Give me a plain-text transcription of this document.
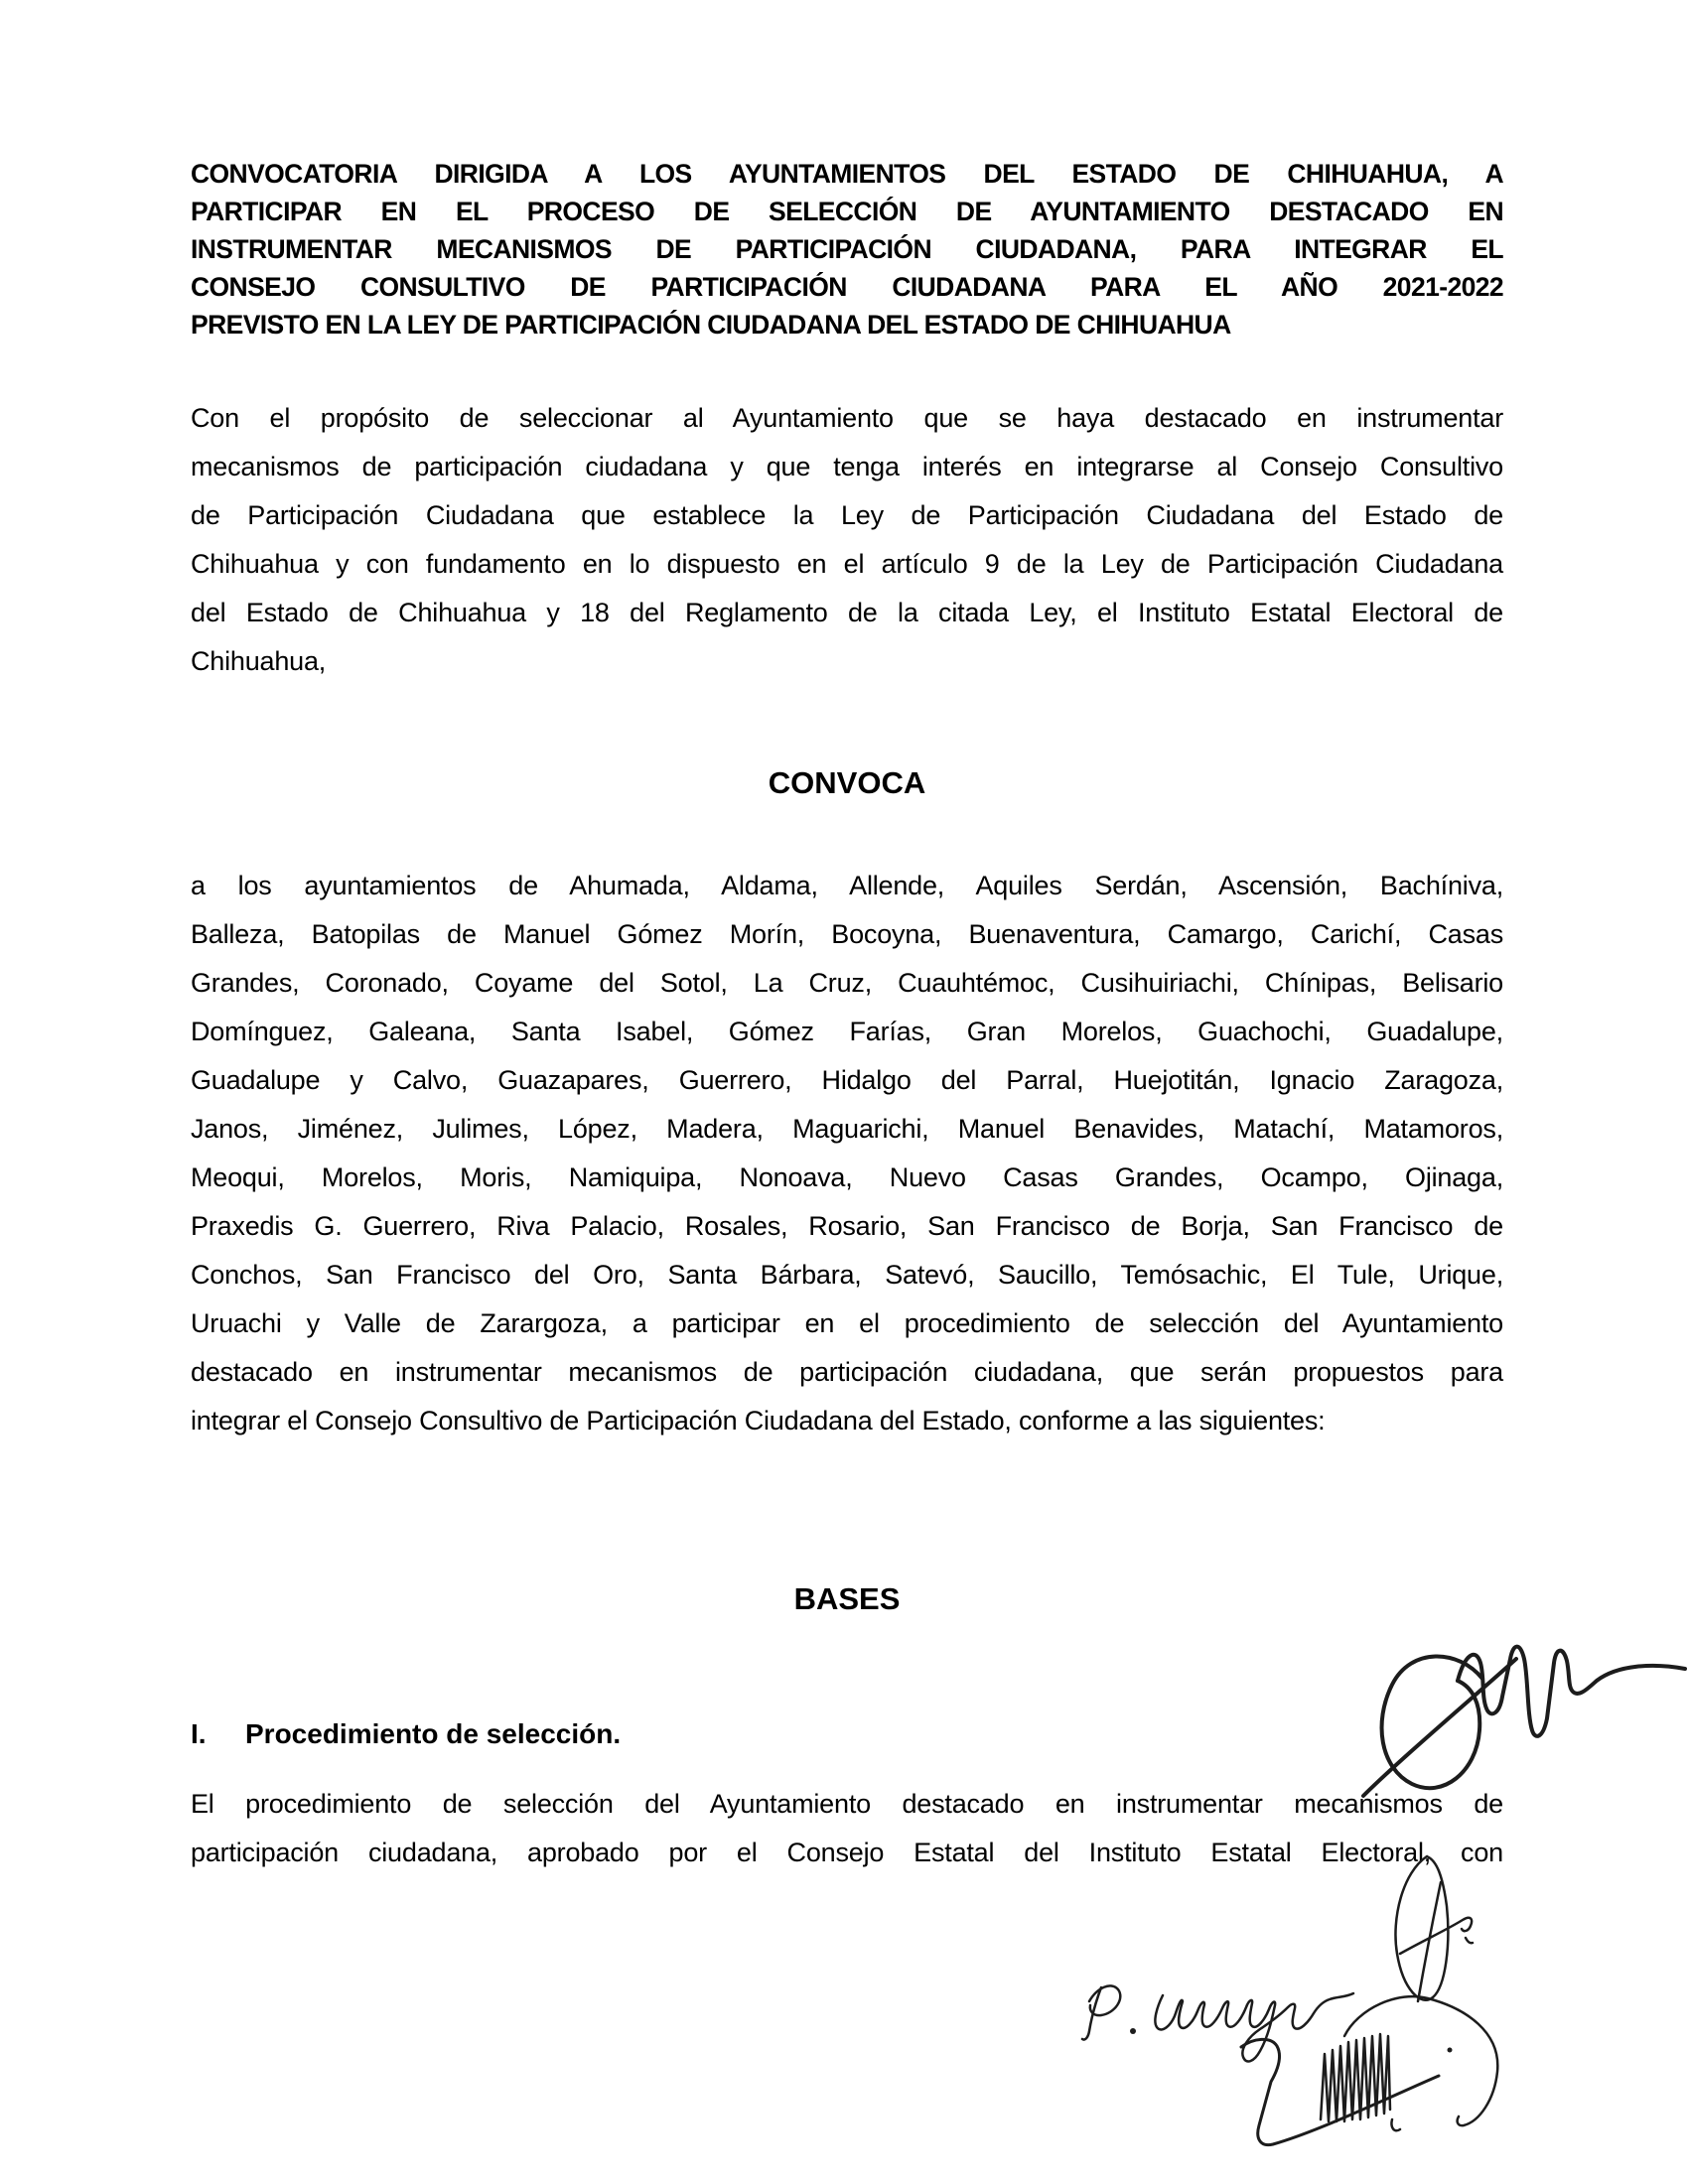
CONVOCATORIA DIRIGIDA A LOS AYUNTAMIENTOS DEL ESTADO DE CHIHUAHUA, A
PARTICIPAR EN EL PROCESO DE SELECCIÓN DE AYUNTAMIENTO DESTACADO EN
INSTRUMENTAR MECANISMOS DE PARTICIPACIÓN CIUDADANA, PARA INTEGRAR EL
CONSEJO CONSULTIVO DE PARTICIPACIÓN CIUDADANA PARA EL AÑO 2021-2022
PREVISTO EN LA LEY DE PARTICIPACIÓN CIUDADANA DEL ESTADO DE CHIHUAHUA
Con el propósito de seleccionar al Ayuntamiento que se haya destacado en instrumentar
mecanismos de participación ciudadana y que tenga interés en integrarse al Consejo Consultivo
de Participación Ciudadana que establece la Ley de Participación Ciudadana del Estado de
Chihuahua y con fundamento en lo dispuesto en el artículo 9 de la Ley de Participación Ciudadana
del Estado de Chihuahua y 18 del Reglamento de la citada Ley, el Instituto Estatal Electoral de
Chihuahua,
CONVOCA
a los ayuntamientos de Ahumada, Aldama, Allende, Aquiles Serdán, Ascensión, Bachíniva,
Balleza, Batopilas de Manuel Gómez Morín, Bocoyna, Buenaventura, Camargo, Carichí, Casas
Grandes, Coronado, Coyame del Sotol, La Cruz, Cuauhtémoc, Cusihuiriachi, Chínipas, Belisario
Domínguez, Galeana, Santa Isabel, Gómez Farías, Gran Morelos, Guachochi, Guadalupe,
Guadalupe y Calvo, Guazapares, Guerrero, Hidalgo del Parral, Huejotitán, Ignacio Zaragoza,
Janos, Jiménez, Julimes, López, Madera, Maguarichi, Manuel Benavides, Matachí, Matamoros,
Meoqui, Morelos, Moris, Namiquipa, Nonoava, Nuevo Casas Grandes, Ocampo, Ojinaga,
Praxedis G. Guerrero, Riva Palacio, Rosales, Rosario, San Francisco de Borja, San Francisco de
Conchos, San Francisco del Oro, Santa Bárbara, Satevó, Saucillo, Temósachic, El Tule, Urique,
Uruachi y Valle de Zarargoza, a participar en el procedimiento de selección del Ayuntamiento
destacado en instrumentar mecanismos de participación ciudadana, que serán propuestos para
integrar el Consejo Consultivo de Participación Ciudadana del Estado, conforme a las siguientes:
BASES
I.	Procedimiento de selección.
El procedimiento de selección del Ayuntamiento destacado en instrumentar mecanismos de
participación ciudadana, aprobado por el Consejo Estatal del Instituto Estatal Electoral, con
